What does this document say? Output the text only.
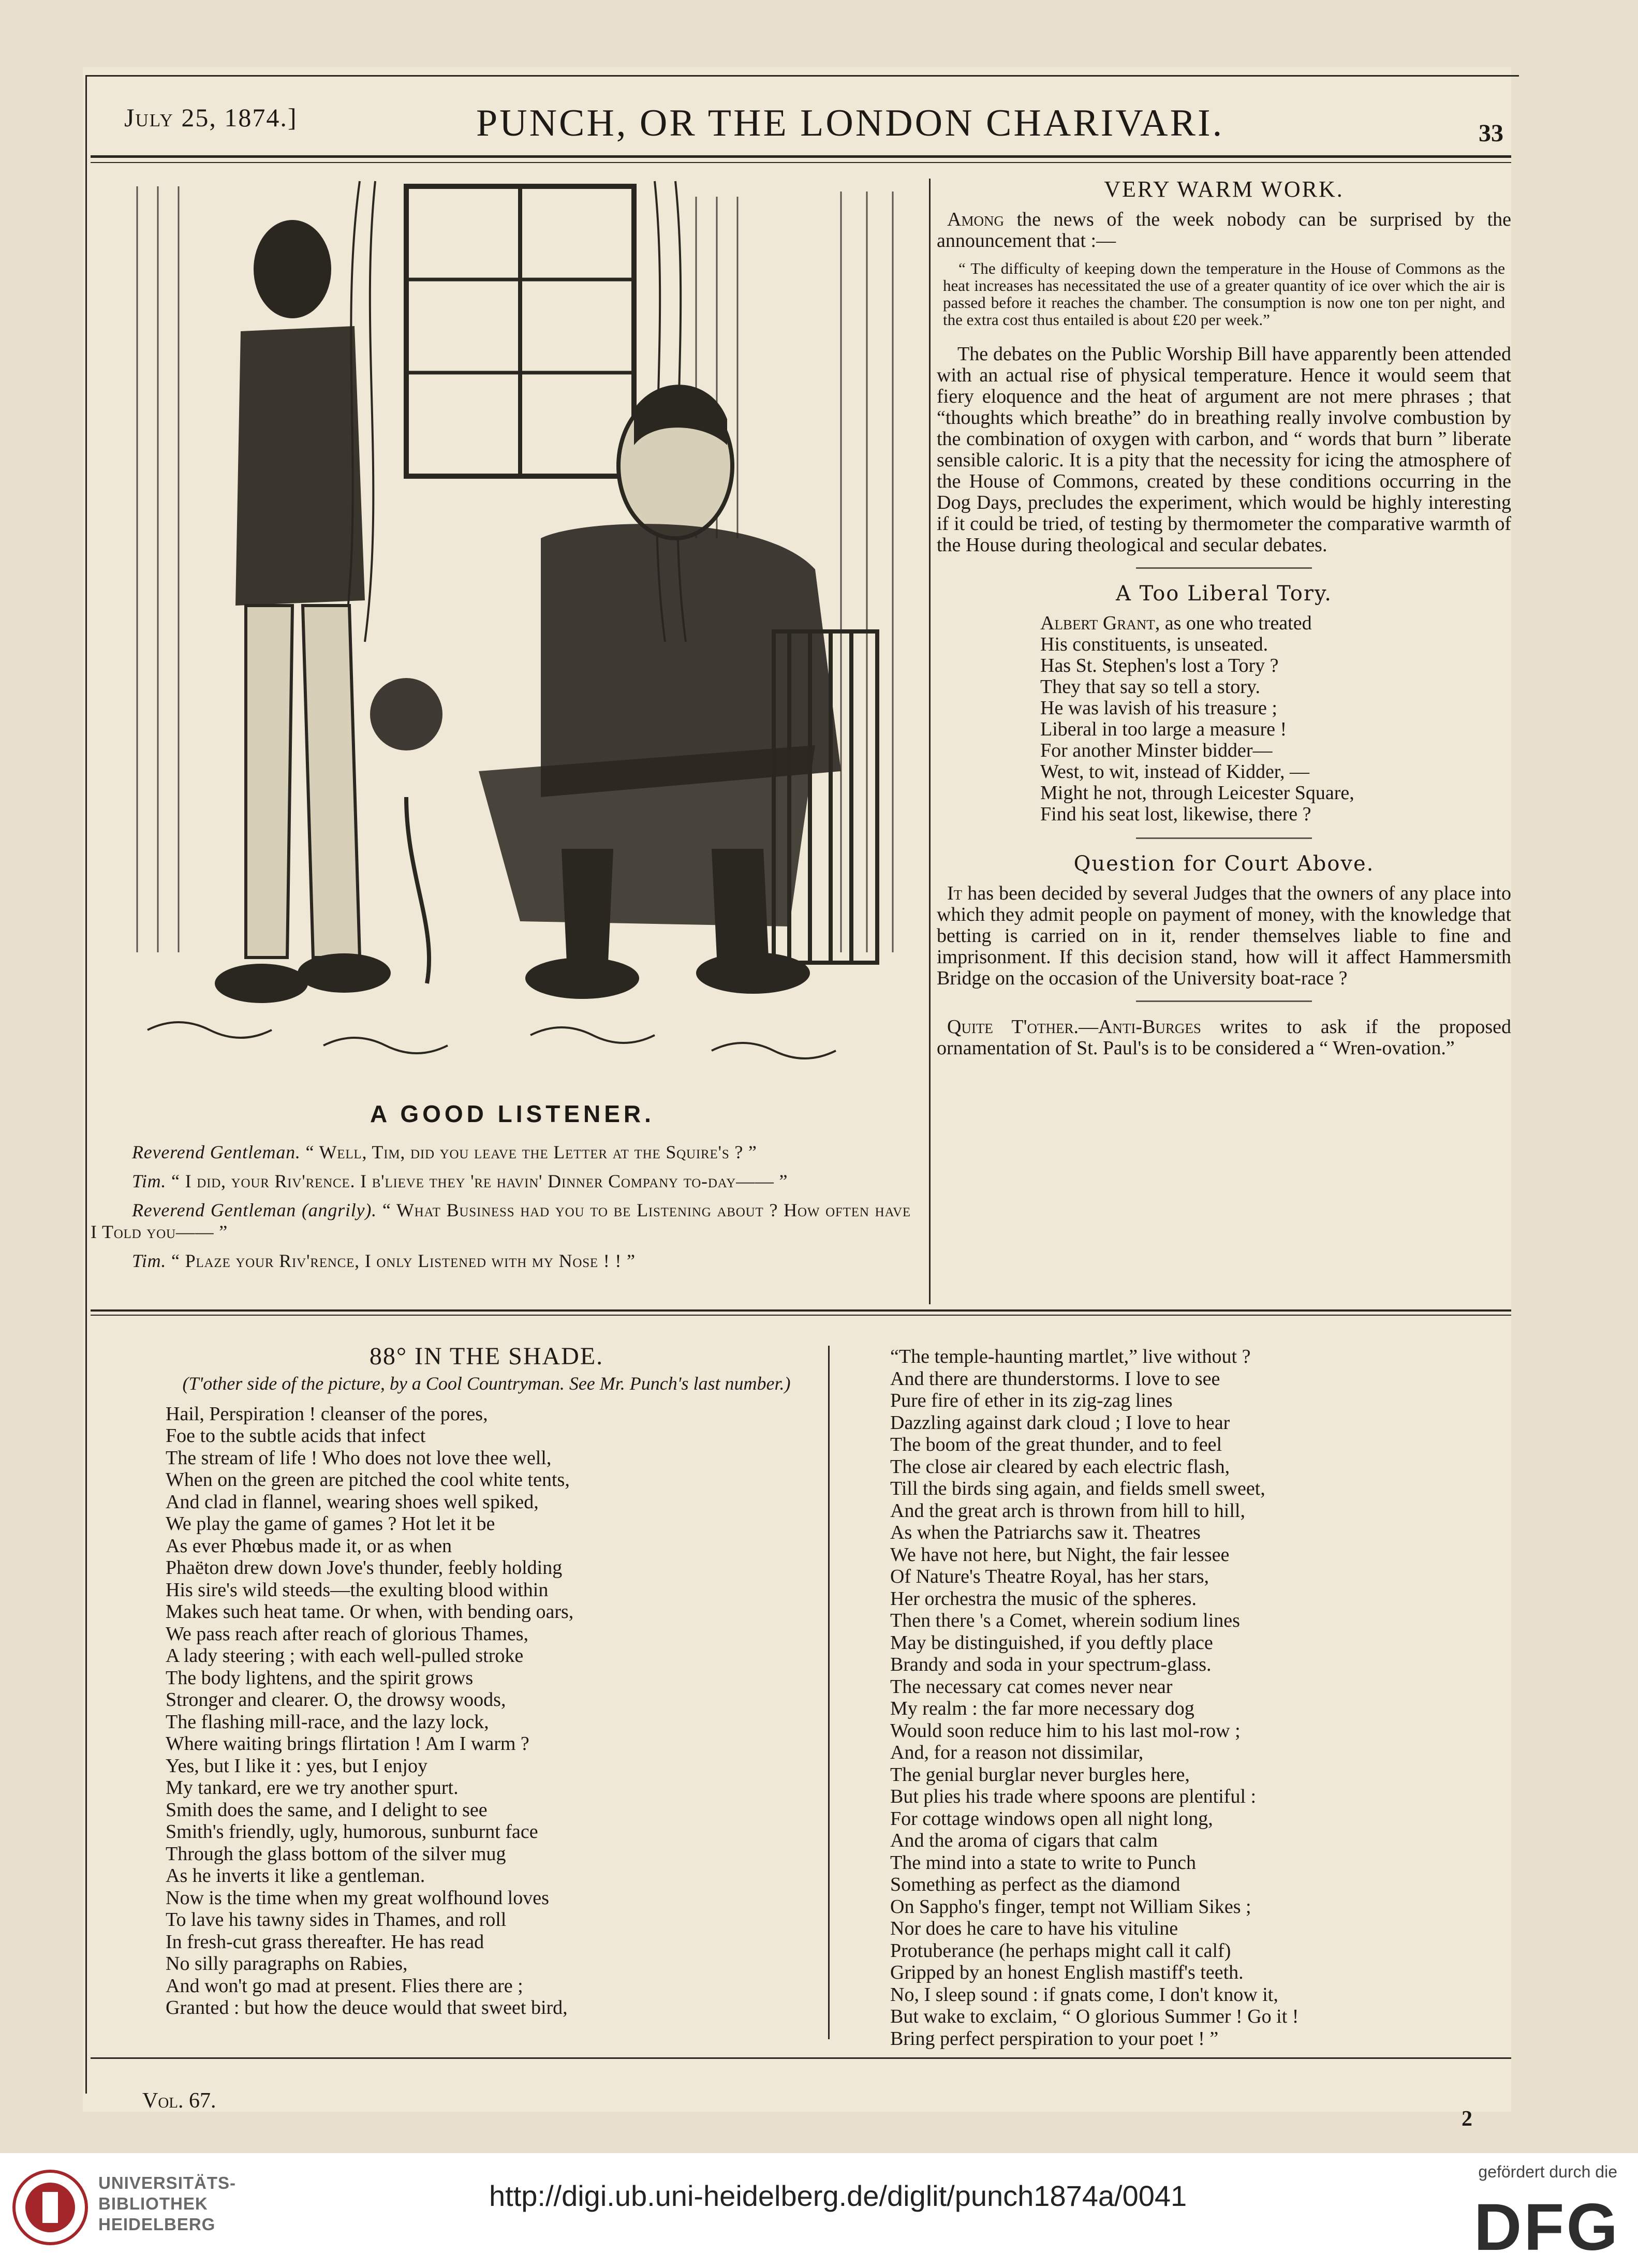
July 25, 1874.]	PUNCH, OR THE LONDON CHARIVARI.	33
A GOOD LISTENER.

Reverend Gentleman. “ Well, Tim, did you leave the Letter at the Squire's ? ”

Tim. “ I did, your Riv'rence. I b'lieve they 're havin' Dinner Company to-day—— ”

Reverend Gentleman (angrily). “ What Business had you to be Listening about ? How often have I Told you—— ”

Tim. “ Plaze your Riv'rence, I only Listened with my Nose ! ! ”

VERY WARM WORK.

Among the news of the week nobody can be surprised by the announcement that :—

“ The difficulty of keeping down the temperature in the House of Commons as the heat increases has necessitated the use of a greater quantity of ice over which the air is passed before it reaches the chamber. The consumption is now one ton per night, and the extra cost thus entailed is about £20 per week.”

The debates on the Public Worship Bill have apparently been attended with an actual rise of physical temperature. Hence it would seem that fiery eloquence and the heat of argument are not mere phrases ; that “thoughts which breathe” do in breathing really involve combustion by the combination of oxygen with carbon, and “ words that burn ” liberate sensible caloric. It is a pity that the necessity for icing the atmosphere of the House of Commons, created by these conditions occurring in the Dog Days, precludes the experiment, which would be highly interesting if it could be tried, of testing by thermometer the comparative warmth of the House during theological and secular debates.

A Too Liberal Tory.
Albert Grant, as one who treated
His constituents, is unseated.
Has St. Stephen's lost a Tory ?
They that say so tell a story.
He was lavish of his treasure ;
Liberal in too large a measure !
For another Minster bidder—
West, to wit, instead of Kidder, —
Might he not, through Leicester Square,
Find his seat lost, likewise, there ?
Question for Court Above.

It has been decided by several Judges that the owners of any place into which they admit people on payment of money, with the knowledge that betting is carried on in it, render themselves liable to fine and imprisonment. If this decision stand, how will it affect Hammersmith Bridge on the occasion of the University boat-race ?

Quite T'other.—Anti-Burges writes to ask if the proposed ornamentation of St. Paul's is to be considered a “ Wren-ovation.”

88° IN THE SHADE.
(T'other side of the picture, by a Cool Countryman. See Mr. Punch's last number.)
Hail, Perspiration ! cleanser of the pores,
Foe to the subtle acids that infect
The stream of life ! Who does not love thee well,
When on the green are pitched the cool white tents,
And clad in flannel, wearing shoes well spiked,
We play the game of games ? Hot let it be
As ever Phœbus made it, or as when
Phaëton drew down Jove's thunder, feebly holding
His sire's wild steeds—the exulting blood within
Makes such heat tame. Or when, with bending oars,
We pass reach after reach of glorious Thames,
A lady steering ; with each well-pulled stroke
The body lightens, and the spirit grows
Stronger and clearer. O, the drowsy woods,
The flashing mill-race, and the lazy lock,
Where waiting brings flirtation ! Am I warm ?
Yes, but I like it : yes, but I enjoy
My tankard, ere we try another spurt.
Smith does the same, and I delight to see
Smith's friendly, ugly, humorous, sunburnt face
Through the glass bottom of the silver mug
As he inverts it like a gentleman.
Now is the time when my great wolfhound loves
To lave his tawny sides in Thames, and roll
In fresh-cut grass thereafter. He has read
No silly paragraphs on Rabies,
And won't go mad at present. Flies there are ;
Granted : but how the deuce would that sweet bird,
“The temple-haunting martlet,” live without ?
And there are thunderstorms. I love to see
Pure fire of ether in its zig-zag lines
Dazzling against dark cloud ; I love to hear
The boom of the great thunder, and to feel
The close air cleared by each electric flash,
Till the birds sing again, and fields smell sweet,
And the great arch is thrown from hill to hill,
As when the Patriarchs saw it. Theatres
We have not here, but Night, the fair lessee
Of Nature's Theatre Royal, has her stars,
Her orchestra the music of the spheres.
Then there 's a Comet, wherein sodium lines
May be distinguished, if you deftly place
Brandy and soda in your spectrum-glass.
The necessary cat comes never near
My realm : the far more necessary dog
Would soon reduce him to his last mol-row ;
And, for a reason not dissimilar,
The genial burglar never burgles here,
But plies his trade where spoons are plentiful :
For cottage windows open all night long,
And the aroma of cigars that calm
The mind into a state to write to Punch
Something as perfect as the diamond
On Sappho's finger, tempt not William Sikes ;
Nor does he care to have his vituline
Protuberance (he perhaps might call it calf)
Gripped by an honest English mastiff's teeth.
No, I sleep sound : if gnats come, I don't know it,
But wake to exclaim, “ O glorious Summer ! Go it !
Bring perfect perspiration to your poet ! ”
Vol. 67.
2
UNIVERSITÄTS-
BIBLIOTHEK
HEIDELBERG
http://digi.ub.uni-heidelberg.de/diglit/punch1874a/0041
gefördert durch die
DFG
